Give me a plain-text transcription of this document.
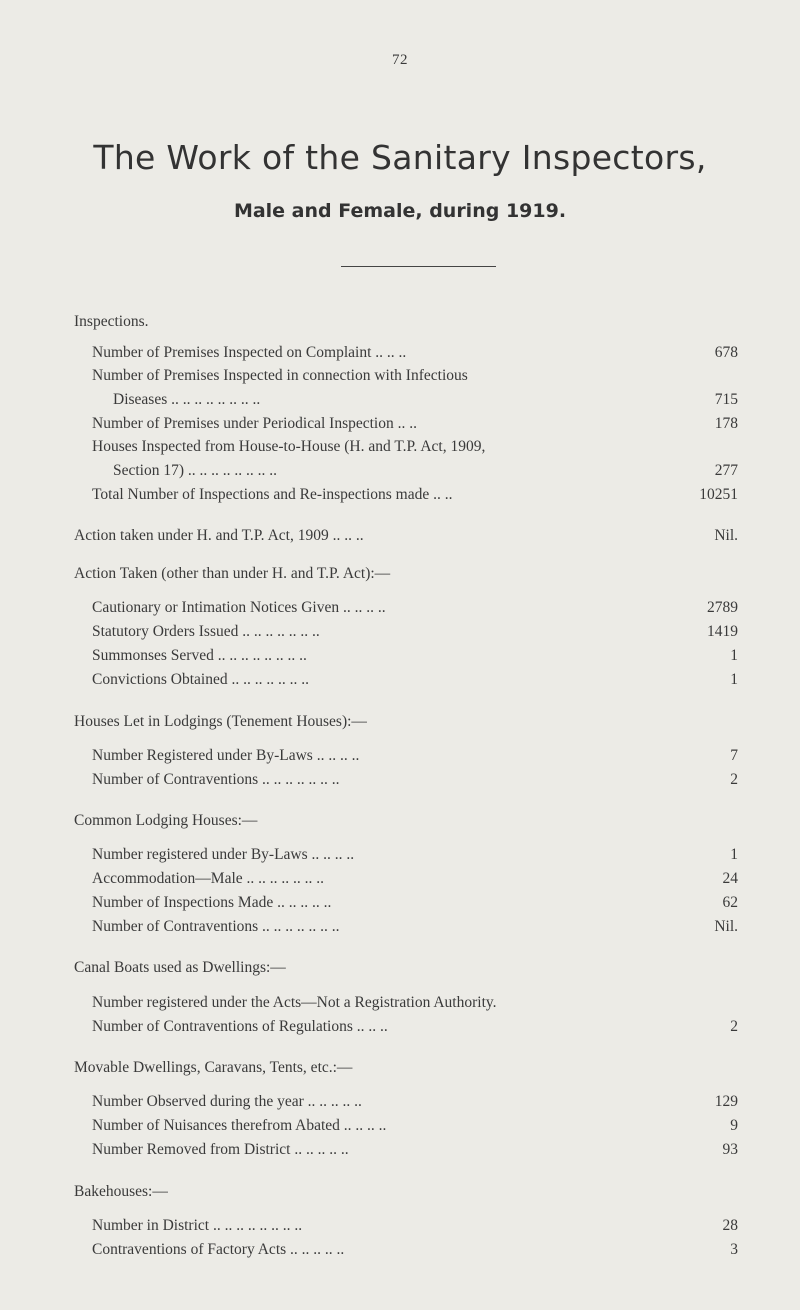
72
The Work of the Sanitary Inspectors,
Male and Female, during 1919.
Inspections.
Number of Premises Inspected on Complaint .. .. ..	678
Number of Premises Inspected in connection with Infectious
Diseases .. .. .. .. .. .. .. ..	715
Number of Premises under Periodical Inspection .. ..	178
Houses Inspected from House-to-House (H. and T.P. Act, 1909,
Section 17) .. .. .. .. .. .. .. ..	277
Total Number of Inspections and Re-inspections made .. ..	10251
Action taken under H. and T.P. Act, 1909 .. .. ..	Nil.
Action Taken (other than under H. and T.P. Act):—
Cautionary or Intimation Notices Given .. .. .. ..	2789
Statutory Orders Issued .. .. .. .. .. .. ..	1419
Summonses Served .. .. .. .. .. .. .. ..	1
Convictions Obtained .. .. .. .. .. .. ..	1
Houses Let in Lodgings (Tenement Houses):—
Number Registered under By-Laws .. .. .. ..	7
Number of Contraventions .. .. .. .. .. .. ..	2
Common Lodging Houses:—
Number registered under By-Laws .. .. .. ..	1
Accommodation—Male .. .. .. .. .. .. ..	24
Number of Inspections Made .. .. .. .. ..	62
Number of Contraventions .. .. .. .. .. .. ..	Nil.
Canal Boats used as Dwellings:—
Number registered under the Acts—Not a Registration Authority.
Number of Contraventions of Regulations .. .. ..	2
Movable Dwellings, Caravans, Tents, etc.:—
Number Observed during the year .. .. .. .. ..	129
Number of Nuisances therefrom Abated .. .. .. ..	9
Number Removed from District .. .. .. .. ..	93
Bakehouses:—
Number in District .. .. .. .. .. .. .. ..	28
Contraventions of Factory Acts .. .. .. .. ..	3
